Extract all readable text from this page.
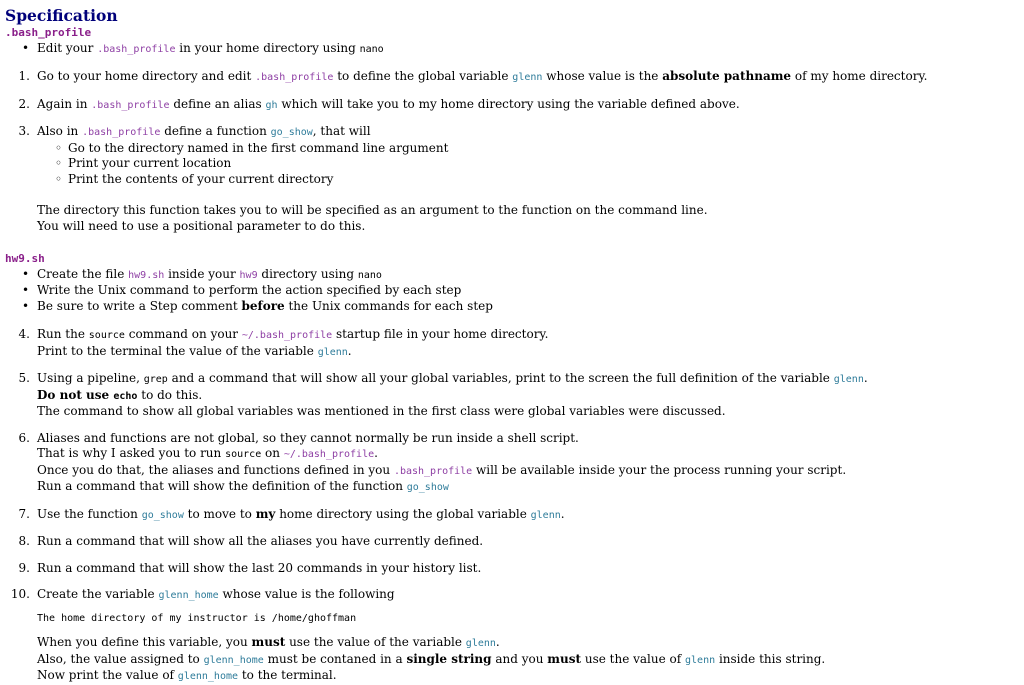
Specification
.bash_profile
• Edit your .bash_profile in your home directory using nano
1. Go to your home directory and edit .bash_profile to define the global variable glenn whose value is the absolute pathname of my home directory.
2. Again in .bash_profile define an alias gh which will take you to my home directory using the variable defined above.
3. Also in .bash_profile define a function go_show, that will
◦ Go to the directory named in the first command line argument
◦ Print your current location
◦ Print the contents of your current directory
The directory this function takes you to will be specified as an argument to the function on the command line.
You will need to use a positional parameter to do this.
hw9.sh
• Create the file hw9.sh inside your hw9 directory using nano
• Write the Unix command to perform the action specified by each step
• Be sure to write a Step comment before the Unix commands for each step
4. Run the source command on your ~/.bash_profile startup file in your home directory.
Print to the terminal the value of the variable glenn.
5. Using a pipeline, grep and a command that will show all your global variables, print to the screen the full definition of the variable glenn.
Do not use echo to do this.
The command to show all global variables was mentioned in the first class were global variables were discussed.
6. Aliases and functions are not global, so they cannot normally be run inside a shell script.
That is why I asked you to run source on ~/.bash_profile.
Once you do that, the aliases and functions defined in you .bash_profile will be available inside your the process running your script.
Run a command that will show the definition of the function go_show
7. Use the function go_show to move to my home directory using the global variable glenn.
8. Run a command that will show all the aliases you have currently defined.
9. Run a command that will show the last 20 commands in your history list.
10. Create the variable glenn_home whose value is the following
The home directory of my instructor is /home/ghoffman
When you define this variable, you must use the value of the variable glenn.
Also, the value assigned to glenn_home must be contaned in a single string and you must use the value of glenn inside this string.
Now print the value of glenn_home to the terminal.
